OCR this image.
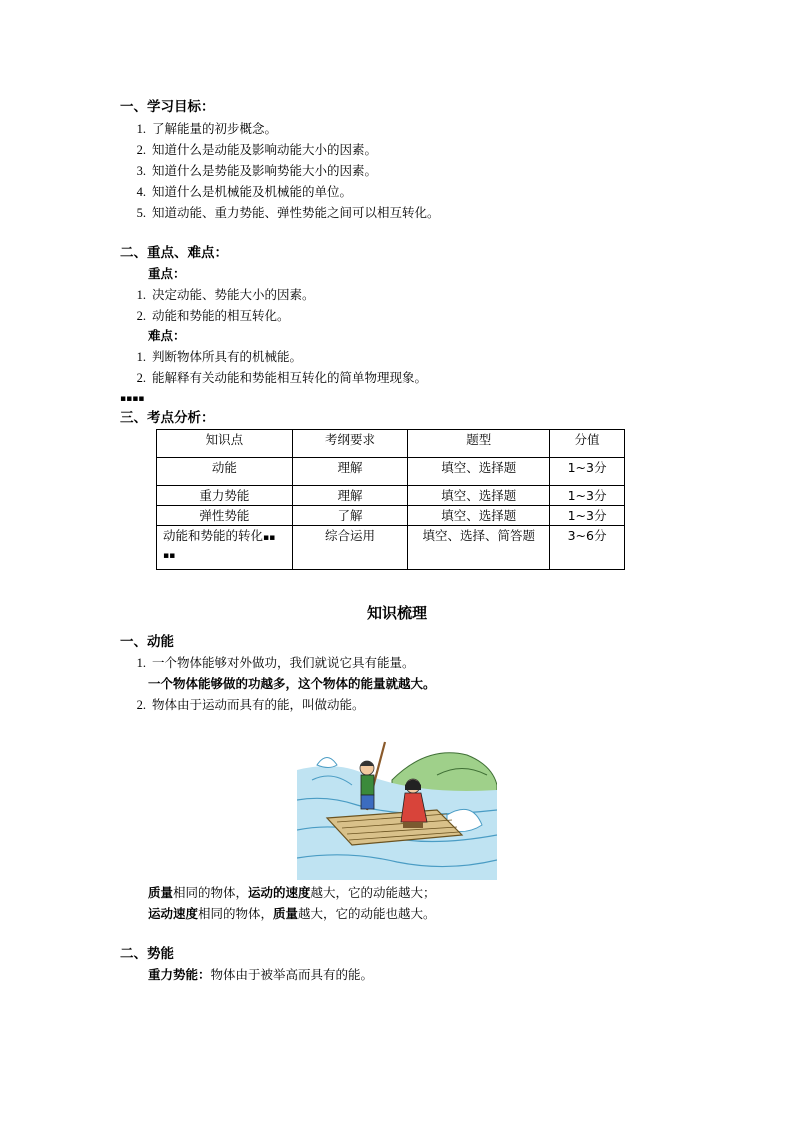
一、学习目标：
1. 了解能量的初步概念。
2. 知道什么是动能及影响动能大小的因素。
3. 知道什么是势能及影响势能大小的因素。
4. 知道什么是机械能及机械能的单位。
5. 知道动能、重力势能、弹性势能之间可以相互转化。
二、重点、难点：
重点：
1. 决定动能、势能大小的因素。
2. 动能和势能的相互转化。
难点：
1. 判断物体所具有的机械能。
2. 能解释有关动能和势能相互转化的简单物理现象。
▪▪▪▪
三、考点分析：
知识点	考纲要求	题型	分值
动能	理解	填空、选择题	1~3分
重力势能	理解	填空、选择题	1~3分
弹性势能	了解	填空、选择题	1~3分
动能和势能的转化▪▪
▪▪	综合运用	填空、选择、简答题	3~6分
知识梳理
一、动能
1. 一个物体能够对外做功，我们就说它具有能量。
一个物体能够做的功越多，这个物体的能量就越大。
2. 物体由于运动而具有的能，叫做动能。
质量相同的物体，运动的速度越大，它的动能越大；
运动速度相同的物体，质量越大，它的动能也越大。
二、势能
重力势能：物体由于被举高而具有的能。
